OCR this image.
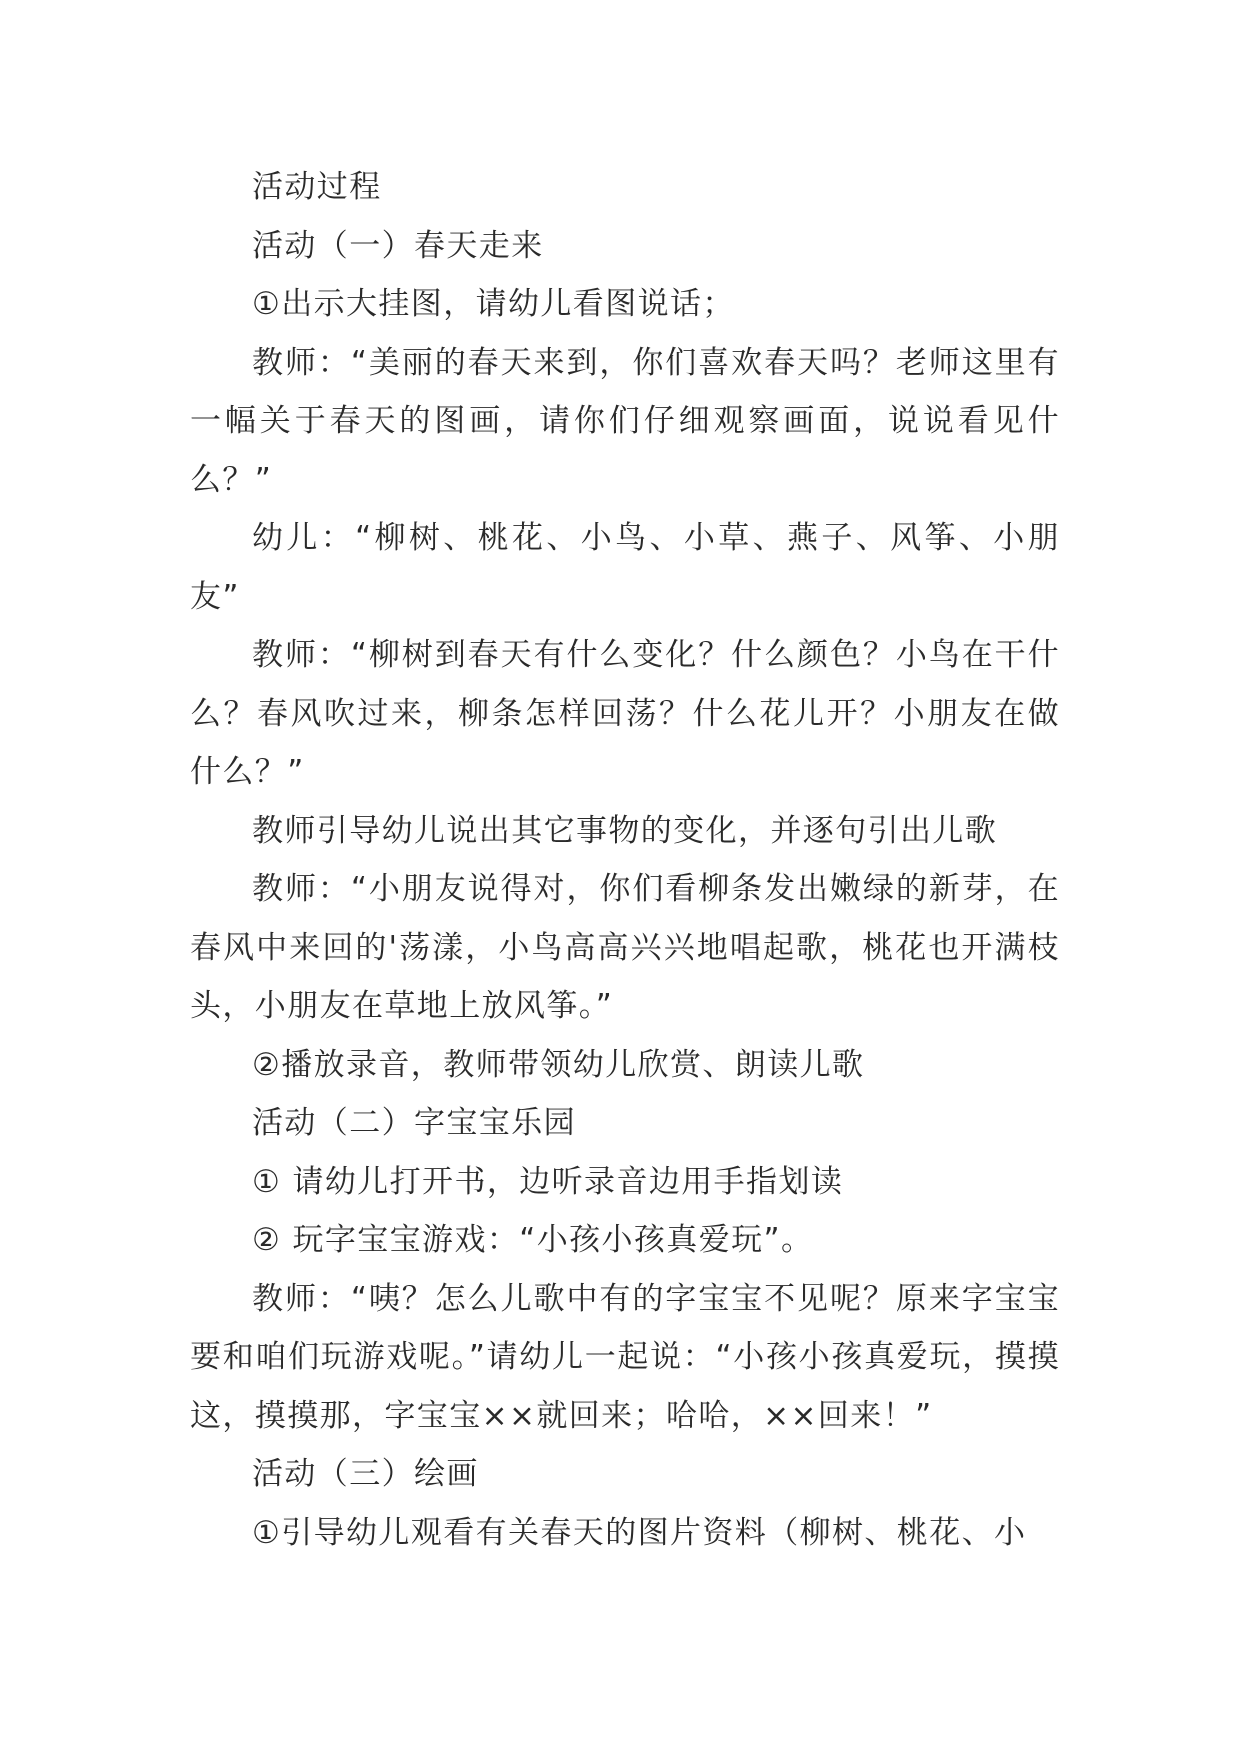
活动过程

活动（一）春天走来

①出示大挂图，请幼儿看图说话；

教师：“美丽的春天来到，你们喜欢春天吗？老师这里有一幅关于春天的图画，请你们仔细观察画面，说说看见什么？”

幼儿：“柳树、桃花、小鸟、小草、燕子、风筝、小朋友”

教师：“柳树到春天有什么变化？什么颜色？小鸟在干什么？春风吹过来，柳条怎样回荡？什么花儿开？小朋友在做什么？”

教师引导幼儿说出其它事物的变化，并逐句引出儿歌

教师：“小朋友说得对，你们看柳条发出嫩绿的新芽，在春风中来回的'荡漾，小鸟高高兴兴地唱起歌，桃花也开满枝头，小朋友在草地上放风筝。”

②播放录音，教师带领幼儿欣赏、朗读儿歌

活动（二）字宝宝乐园

① 请幼儿打开书，边听录音边用手指划读

② 玩字宝宝游戏：“小孩小孩真爱玩”。

教师：“咦？怎么儿歌中有的字宝宝不见呢？原来字宝宝要和咱们玩游戏呢。”请幼儿一起说：“小孩小孩真爱玩，摸摸这，摸摸那，字宝宝××就回来；哈哈，××回来！”

活动（三）绘画

①引导幼儿观看有关春天的图片资料（柳树、桃花、小
